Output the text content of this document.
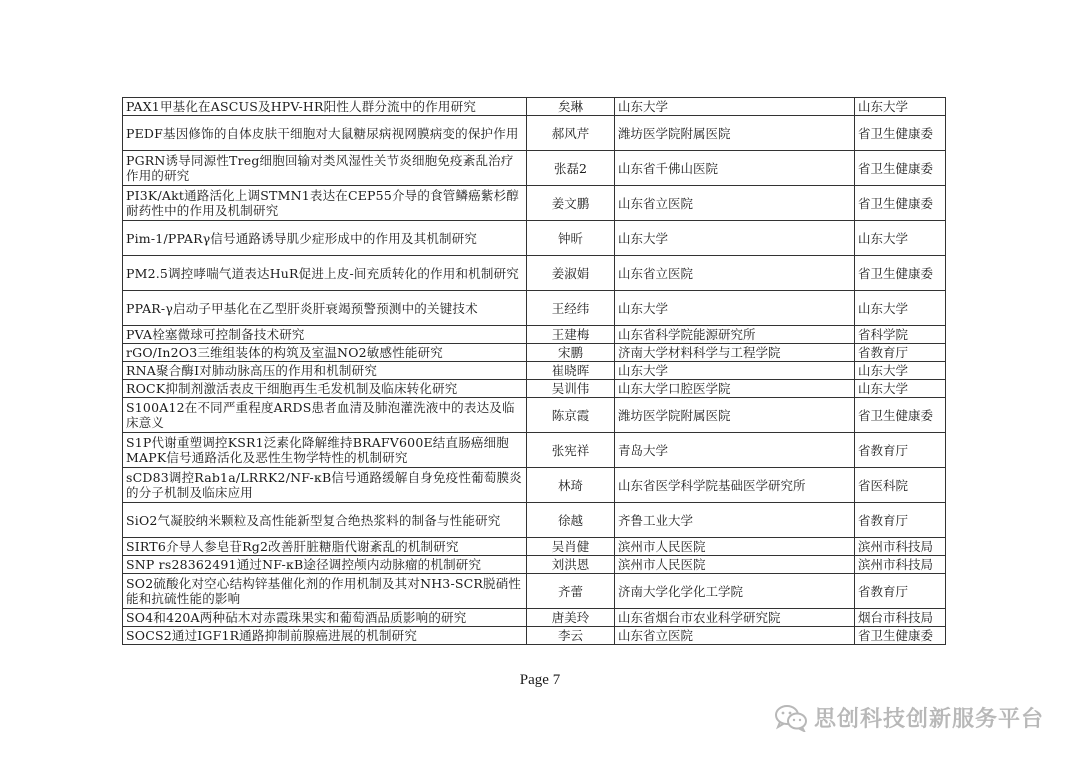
PAX1甲基化在ASCUS及HPV-HR阳性人群分流中的作用研究	矣琳	山东大学	山东大学
PEDF基因修饰的自体皮肤干细胞对大鼠糖尿病视网膜病变的保护作用	郝风芹	潍坊医学院附属医院	省卫生健康委
PGRN诱导同源性Treg细胞回输对类风湿性关节炎细胞免疫紊乱治疗作用的研究	张磊2	山东省千佛山医院	省卫生健康委
PI3K/Akt通路活化上调STMN1表达在CEP55介导的食管鳞癌紫杉醇耐药性中的作用及机制研究	姜文鹏	山东省立医院	省卫生健康委
Pim-1/PPARγ信号通路诱导肌少症形成中的作用及其机制研究	钟昕	山东大学	山东大学
PM2.5调控哮喘气道表达HuR促进上皮-间充质转化的作用和机制研究	姜淑娟	山东省立医院	省卫生健康委
PPAR-γ启动子甲基化在乙型肝炎肝衰竭预警预测中的关键技术	王经纬	山东大学	山东大学
PVA栓塞微球可控制备技术研究	王建梅	山东省科学院能源研究所	省科学院
rGO/In2O3三维组装体的构筑及室温NO2敏感性能研究	宋鹏	济南大学材料科学与工程学院	省教育厅
RNA聚合酶I对肺动脉高压的作用和机制研究	崔晓晖	山东大学	山东大学
ROCK抑制剂激活表皮干细胞再生毛发机制及临床转化研究	吴训伟	山东大学口腔医学院	山东大学
S100A12在不同严重程度ARDS患者血清及肺泡灌洗液中的表达及临床意义	陈京霞	潍坊医学院附属医院	省卫生健康委
S1P代谢重塑调控KSR1泛素化降解维持BRAFV600E结直肠癌细胞MAPK信号通路活化及恶性生物学特性的机制研究	张宪祥	青岛大学	省教育厅
sCD83调控Rab1a/LRRK2/NF-κB信号通路缓解自身免疫性葡萄膜炎的分子机制及临床应用	林琦	山东省医学科学院基础医学研究所	省医科院
SiO2气凝胶纳米颗粒及高性能新型复合绝热浆料的制备与性能研究	徐越	齐鲁工业大学	省教育厅
SIRT6介导人参皂苷Rg2改善肝脏糖脂代谢紊乱的机制研究	吴肖健	滨州市人民医院	滨州市科技局
SNP rs28362491通过NF-κB途径调控颅内动脉瘤的机制研究	刘洪恩	滨州市人民医院	滨州市科技局
SO2硫酸化对空心结构锌基催化剂的作用机制及其对NH3-SCR脱硝性能和抗硫性能的影响	齐蕾	济南大学化学化工学院	省教育厅
SO4和420A两种砧木对赤霞珠果实和葡萄酒品质影响的研究	唐美玲	山东省烟台市农业科学研究院	烟台市科技局
SOCS2通过IGF1R通路抑制前腺癌进展的机制研究	李云	山东省立医院	省卫生健康委
Page 7
思创科技创新服务平台
